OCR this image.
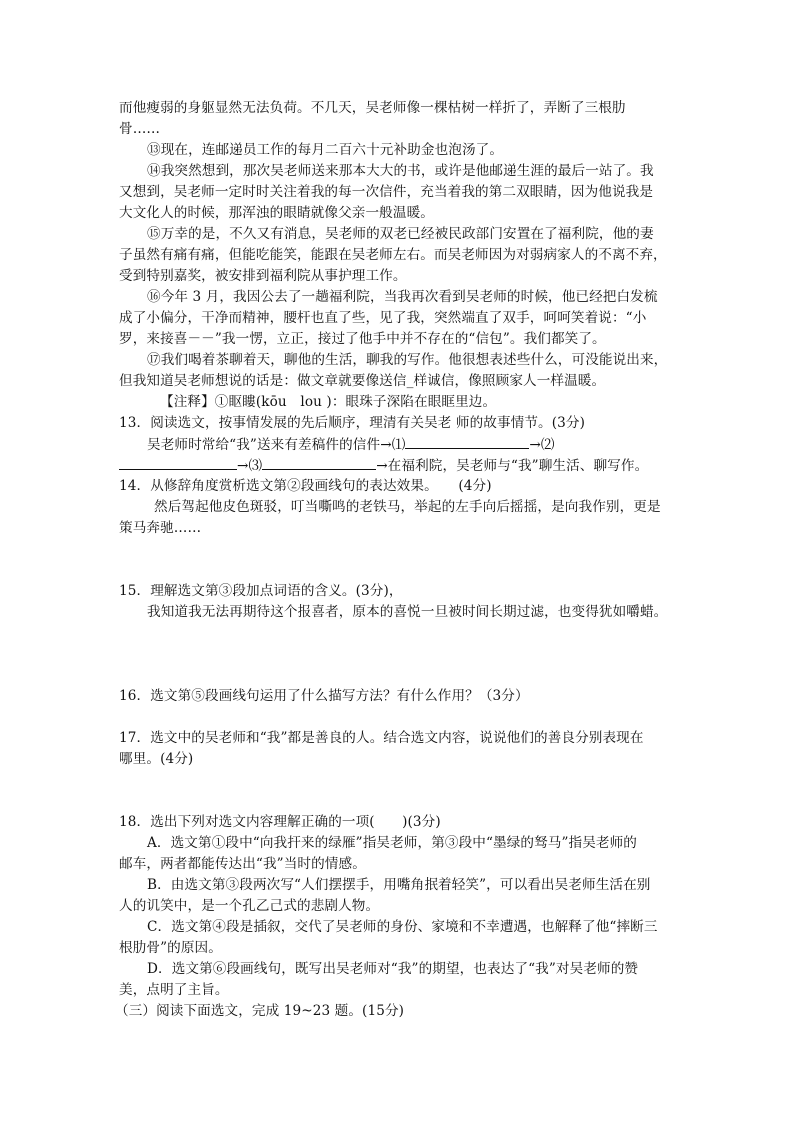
而他瘦弱的身躯显然无法负荷。不几天，吴老师像一棵枯树一样折了，弄断了三根肋
骨……
⑬现在，连邮递员工作的每月二百六十元补助金也泡汤了。
⑭我突然想到，那次吴老师送来那本大大的书，或许是他邮递生涯的最后一站了。我
又想到，吴老师一定时时关注着我的每一次信件，充当着我的第二双眼睛，因为他说我是
大文化人的时候，那浑浊的眼睛就像父亲一般温暖。
⑮万幸的是，不久又有消息，吴老师的双老已经被民政部门安置在了福利院，他的妻
子虽然有痛有痛，但能吃能笑，能跟在吴老师左右。而吴老师因为对弱病家人的不离不弃，
受到特别嘉奖，被安排到福利院从事护理工作。
⑯今年 3 月，我因公去了一趟福利院，当我再次看到吴老师的时候，他已经把白发梳
成了小偏分，干净而精神，腰杆也直了些，见了我，突然端直了双手，呵呵笑着说：“小
罗，来接喜－－”我一愣，立正，接过了他手中并不存在的“信包”。我们都笑了。
⑰我们喝着茶聊着天，聊他的生活，聊我的写作。他很想表述些什么，可没能说出来，
但我知道吴老师想说的话是：做文章就要像送信_样诚信，像照顾家人一样温暖。
【注释】①眍瞜(kōu　lou )：眼珠子深陷在眼眶里边。
13．阅读选文，按事情发展的先后顺序，理清有关吴老 师的故事情节。(3分)
吴老师时常给“我”送来有差稿件的信件→⑴	→⑵
→⑶	→在福利院，吴老师与“我”聊生活、聊写作。
14．从修辞角度赏析选文第②段画线句的表达效果。　　(4分)
然后驾起他皮色斑驳，叮当嘶鸣的老铁马，举起的左手向后摇摇，是向我作别，更是
策马奔驰……
15．理解选文第③段加点词语的含义。(3分)，
我知道我无法再期待这个报喜者，原本的喜悦一旦被时间长期过滤，也变得犹如嚼蜡。
16．选文第⑤段画线句运用了什么描写方法？有什么作用？（3分）
17．选文中的吴老师和“我”都是善良的人。结合选文内容，说说他们的善良分别表现在
哪里。(4分)
18．选出下列对选文内容理解正确的一项(　　)(3分)
A．选文第①段中“向我扞来的绿雁”指吴老师，第③段中“墨绿的驽马”指吴老师的
邮车，两者都能传达出“我”当时的情感。
B．由选文第③段两次写“人们摆摆手，用嘴角抿着轻笑”，可以看出吴老师生活在别
人的讥笑中，是一个孔乙己式的悲剧人物。
C．选文第④段是插叙，交代了吴老师的身份、家境和不幸遭遇，也解释了他“摔断三
根肋骨”的原因。
D．选文第⑥段画线句，既写出吴老师对“我”的期望，也表达了“我”对吴老师的赞
美，点明了主旨。
（三）阅读下面选文，完成 19~23 题。(15分)
